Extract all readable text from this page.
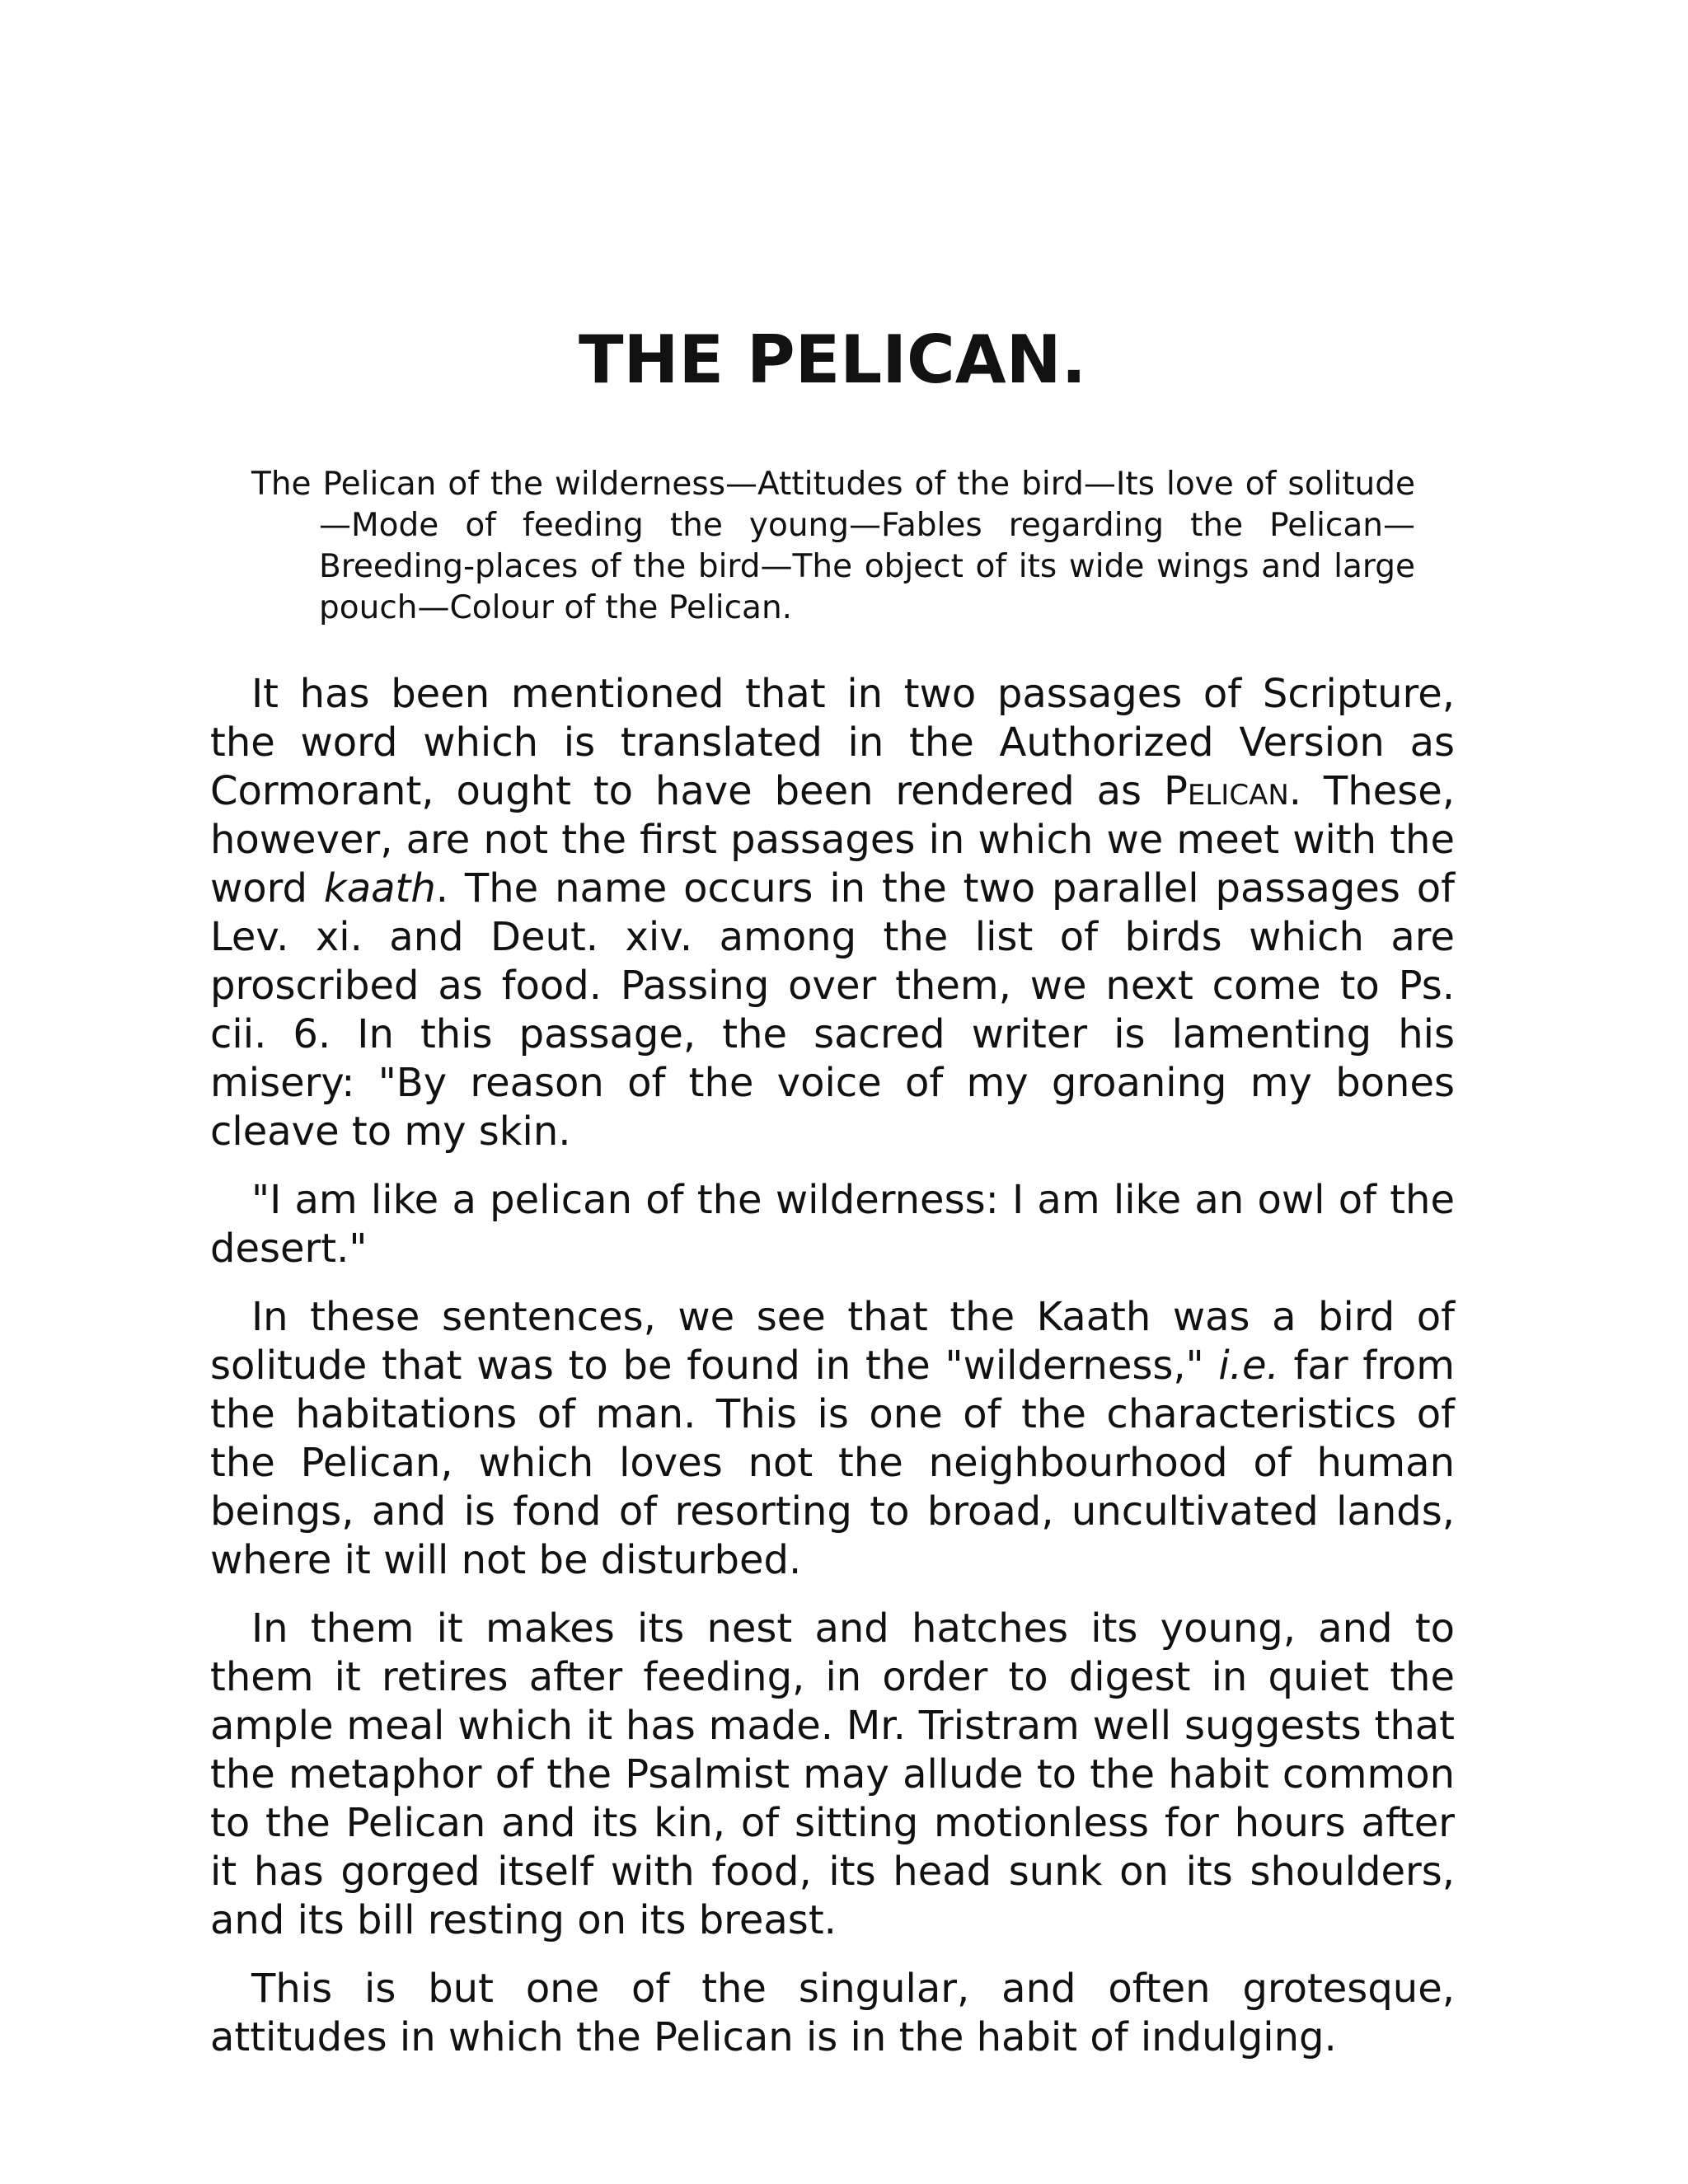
THE PELICAN.

The Pelican of the wilderness—Attitudes of the bird—Its love of solitude—Mode of feeding the young—Fables regarding the Pelican—Breeding-places of the bird—The object of its wide wings and large pouch—Colour of the Pelican.

It has been mentioned that in two passages of Scripture, the word which is translated in the Authorized Version as Cormorant, ought to have been rendered as Pelican. These, however, are not the first passages in which we meet with the word kaath. The name occurs in the two parallel passages of Lev. xi. and Deut. xiv. among the list of birds which are proscribed as food. Passing over them, we next come to Ps. cii. 6. In this passage, the sacred writer is lamenting his misery: "By reason of the voice of my groaning my bones cleave to my skin.

"I am like a pelican of the wilderness: I am like an owl of the desert."

In these sentences, we see that the Kaath was a bird of solitude that was to be found in the "wilderness," i.e. far from the habitations of man. This is one of the characteristics of the Pelican, which loves not the neighbourhood of human beings, and is fond of resorting to broad, uncultivated lands, where it will not be disturbed.

In them it makes its nest and hatches its young, and to them it retires after feeding, in order to digest in quiet the ample meal which it has made. Mr. Tristram well suggests that the metaphor of the Psalmist may allude to the habit common to the Pelican and its kin, of sitting motionless for hours after it has gorged itself with food, its head sunk on its shoulders, and its bill resting on its breast.

This is but one of the singular, and often grotesque, attitudes in which the Pelican is in the habit of indulging.
